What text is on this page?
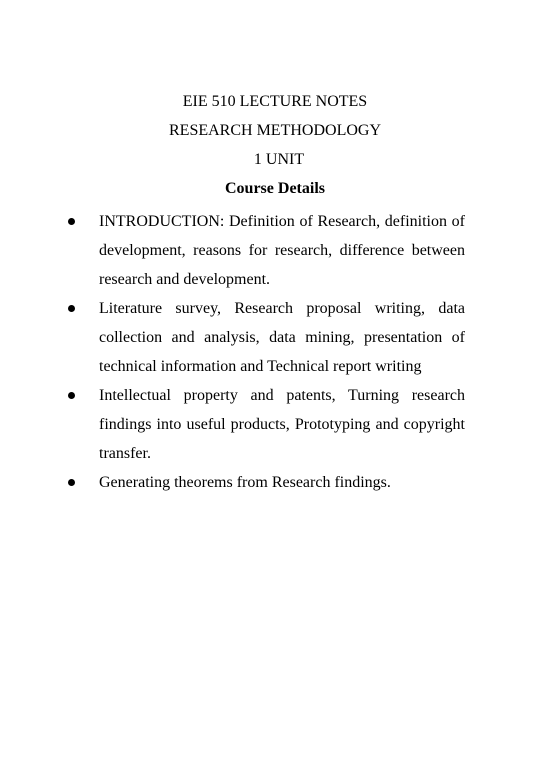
EIE 510 LECTURE NOTES
RESEARCH METHODOLOGY
1 UNIT
Course Details
INTRODUCTION: Definition of Research, definition of development, reasons for research, difference between research and development.
Literature survey, Research proposal writing, data collection and analysis, data mining, presentation of technical information and Technical report writing
Intellectual property and patents, Turning research findings into useful products, Prototyping and copyright transfer.
Generating theorems from Research findings.
